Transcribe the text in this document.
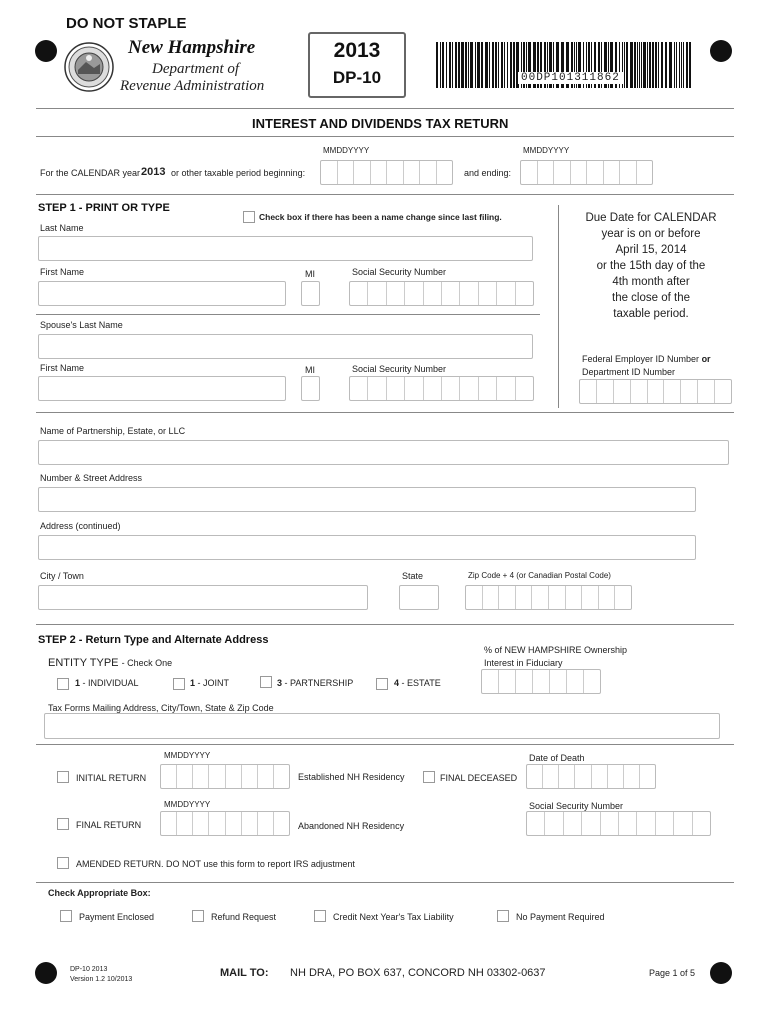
DO NOT STAPLE
New Hampshire
Department of
Revenue Administration
2013
DP-10	00DP101311862
INTEREST AND DIVIDENDS TAX RETURN
MMDDYYYY	MMDDYYYY
For the CALENDAR year 2013 or other taxable period beginning:	and ending:
STEP 1 - PRINT OR TYPE
Check box if there has been a name change since last filing.
Last Name
First Name	MI	Social Security Number
Spouse's Last Name
First Name	MI	Social Security Number
Due Date for CALENDAR
year is on or before
April 15, 2014
or the 15th day of the
4th month after
the close of the
taxable period.
Federal Employer ID Number or
Department ID Number
Name of Partnership, Estate, or LLC
Number & Street Address
Address (continued)
City / Town	State	Zip Code + 4 (or Canadian Postal Code)
STEP 2 - Return Type and Alternate Address
ENTITY TYPE - Check One
1 - INDIVIDUAL	1 - JOINT	3 - PARTNERSHIP	4 - ESTATE
% of NEW HAMPSHIRE Ownership
Interest in Fiduciary
Tax Forms Mailing Address, City/Town, State & Zip Code
MMDDYYYY
INITIAL RETURN	Established NH Residency	FINAL DECEASED
Date of Death
MMDDYYYY
FINAL RETURN	Abandoned NH Residency
Social Security Number
AMENDED RETURN. DO NOT use this form to report IRS adjustment
Check Appropriate Box:
Payment Enclosed	Refund Request	Credit Next Year's Tax Liability	No Payment Required
DP-10 2013
Version 1.2 10/2013
MAIL TO: NH DRA, PO BOX 637, CONCORD NH 03302-0637	Page 1 of 5
